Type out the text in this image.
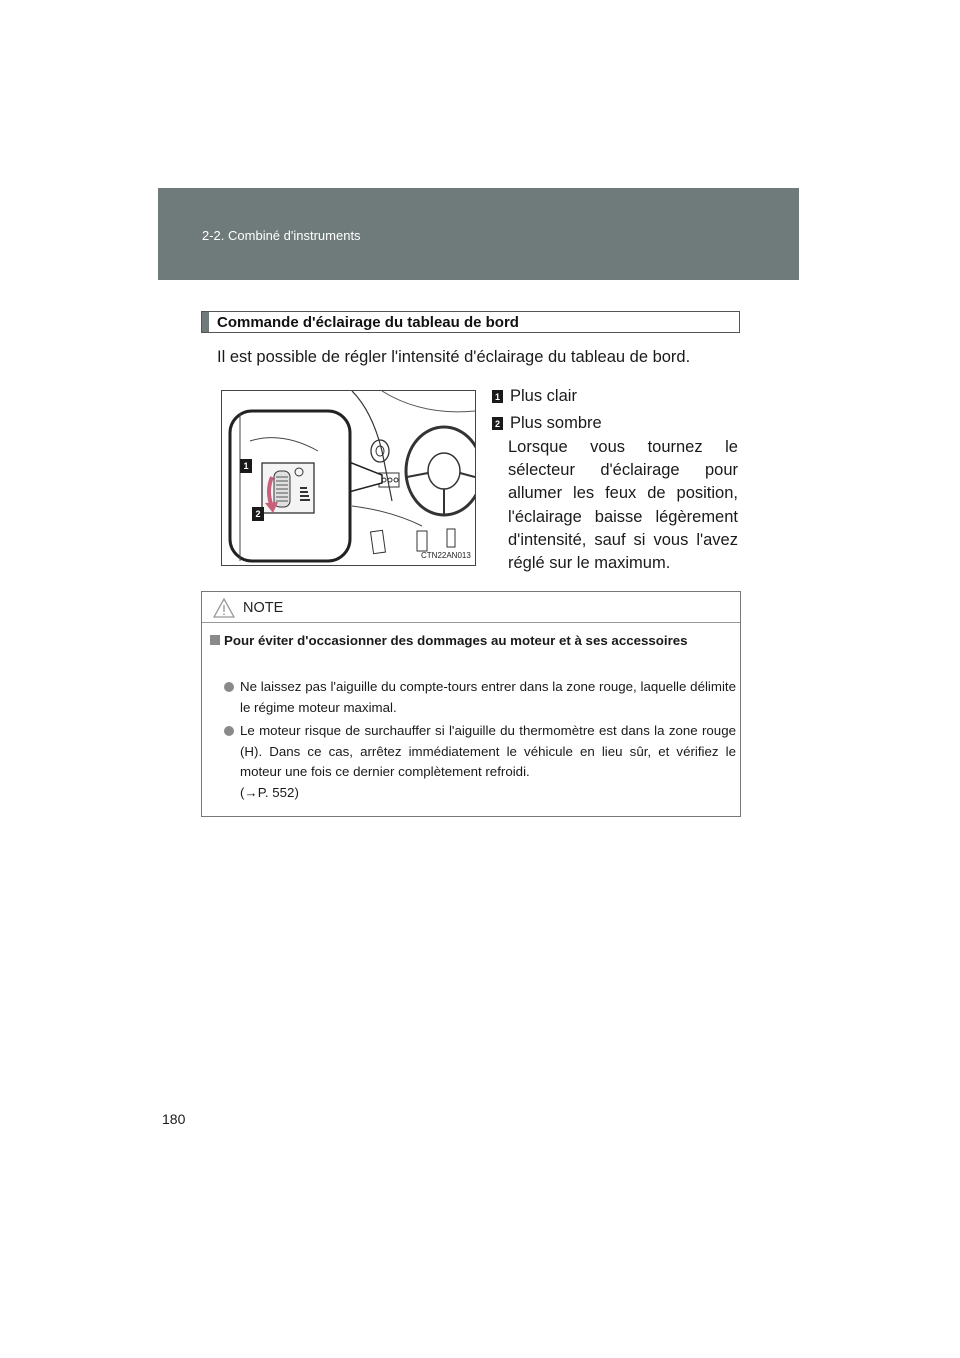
2-2. Combiné d'instruments
Commande d'éclairage du tableau de bord
Il est possible de régler l'intensité d'éclairage du tableau de bord.
1
2
CTN22AN013
1 Plus clair
2 Plus sombre
Lorsque vous tournez le sélecteur d'éclairage pour allumer les feux de position, l'éclairage baisse légèrement d'intensité, sauf si vous l'avez réglé sur le maximum.
NOTE
Pour éviter d'occasionner des dommages au moteur et à ses accessoires
Ne laissez pas l'aiguille du compte-tours entrer dans la zone rouge, laquelle délimite le régime moteur maximal.
Le moteur risque de surchauffer si l'aiguille du thermomètre est dans la zone rouge (H). Dans ce cas, arrêtez immédiatement le véhicule en lieu sûr, et vérifiez le moteur une fois ce dernier complètement refroidi.
(→P. 552)
180
